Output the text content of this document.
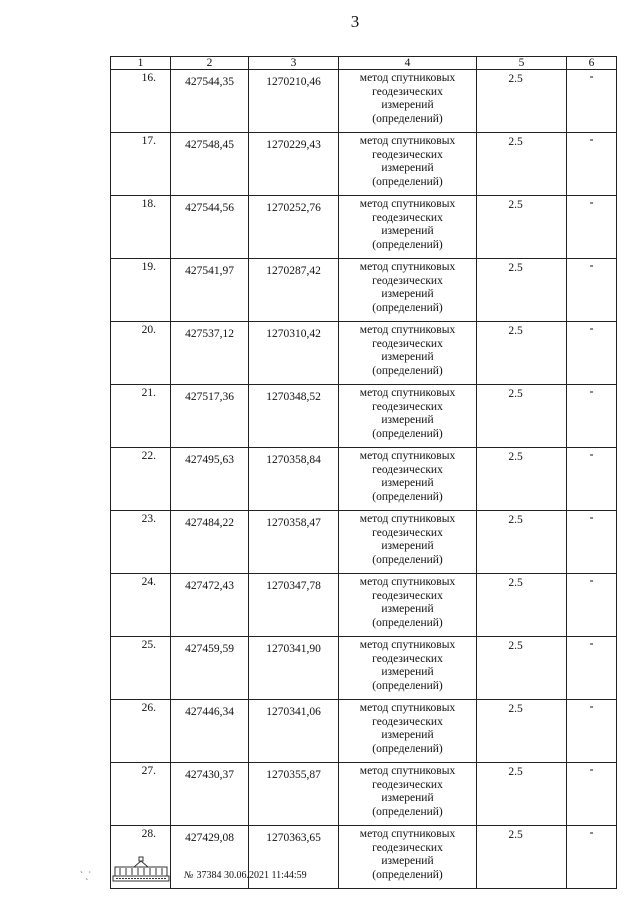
3
1	2	3	4	5	6
16.	427544,35	1270210,46	метод спутниковых
геодезических
измерений
(определений)	2.5	-
17.	427548,45	1270229,43	метод спутниковых
геодезических
измерений
(определений)	2.5	-
18.	427544,56	1270252,76	метод спутниковых
геодезических
измерений
(определений)	2.5	-
19.	427541,97	1270287,42	метод спутниковых
геодезических
измерений
(определений)	2.5	-
20.	427537,12	1270310,42	метод спутниковых
геодезических
измерений
(определений)	2.5	-
21.	427517,36	1270348,52	метод спутниковых
геодезических
измерений
(определений)	2.5	-
22.	427495,63	1270358,84	метод спутниковых
геодезических
измерений
(определений)	2.5	-
23.	427484,22	1270358,47	метод спутниковых
геодезических
измерений
(определений)	2.5	-
24.	427472,43	1270347,78	метод спутниковых
геодезических
измерений
(определений)	2.5	-
25.	427459,59	1270341,90	метод спутниковых
геодезических
измерений
(определений)	2.5	-
26.	427446,34	1270341,06	метод спутниковых
геодезических
измерений
(определений)	2.5	-
27.	427430,37	1270355,87	метод спутниковых
геодезических
измерений
(определений)	2.5	-
28.	427429,08	1270363,65	метод спутниковых
геодезических
измерений
(определений)	2.5	-
ˋ ˎ˙	№ 37384 30.06.2021 11:44:59
